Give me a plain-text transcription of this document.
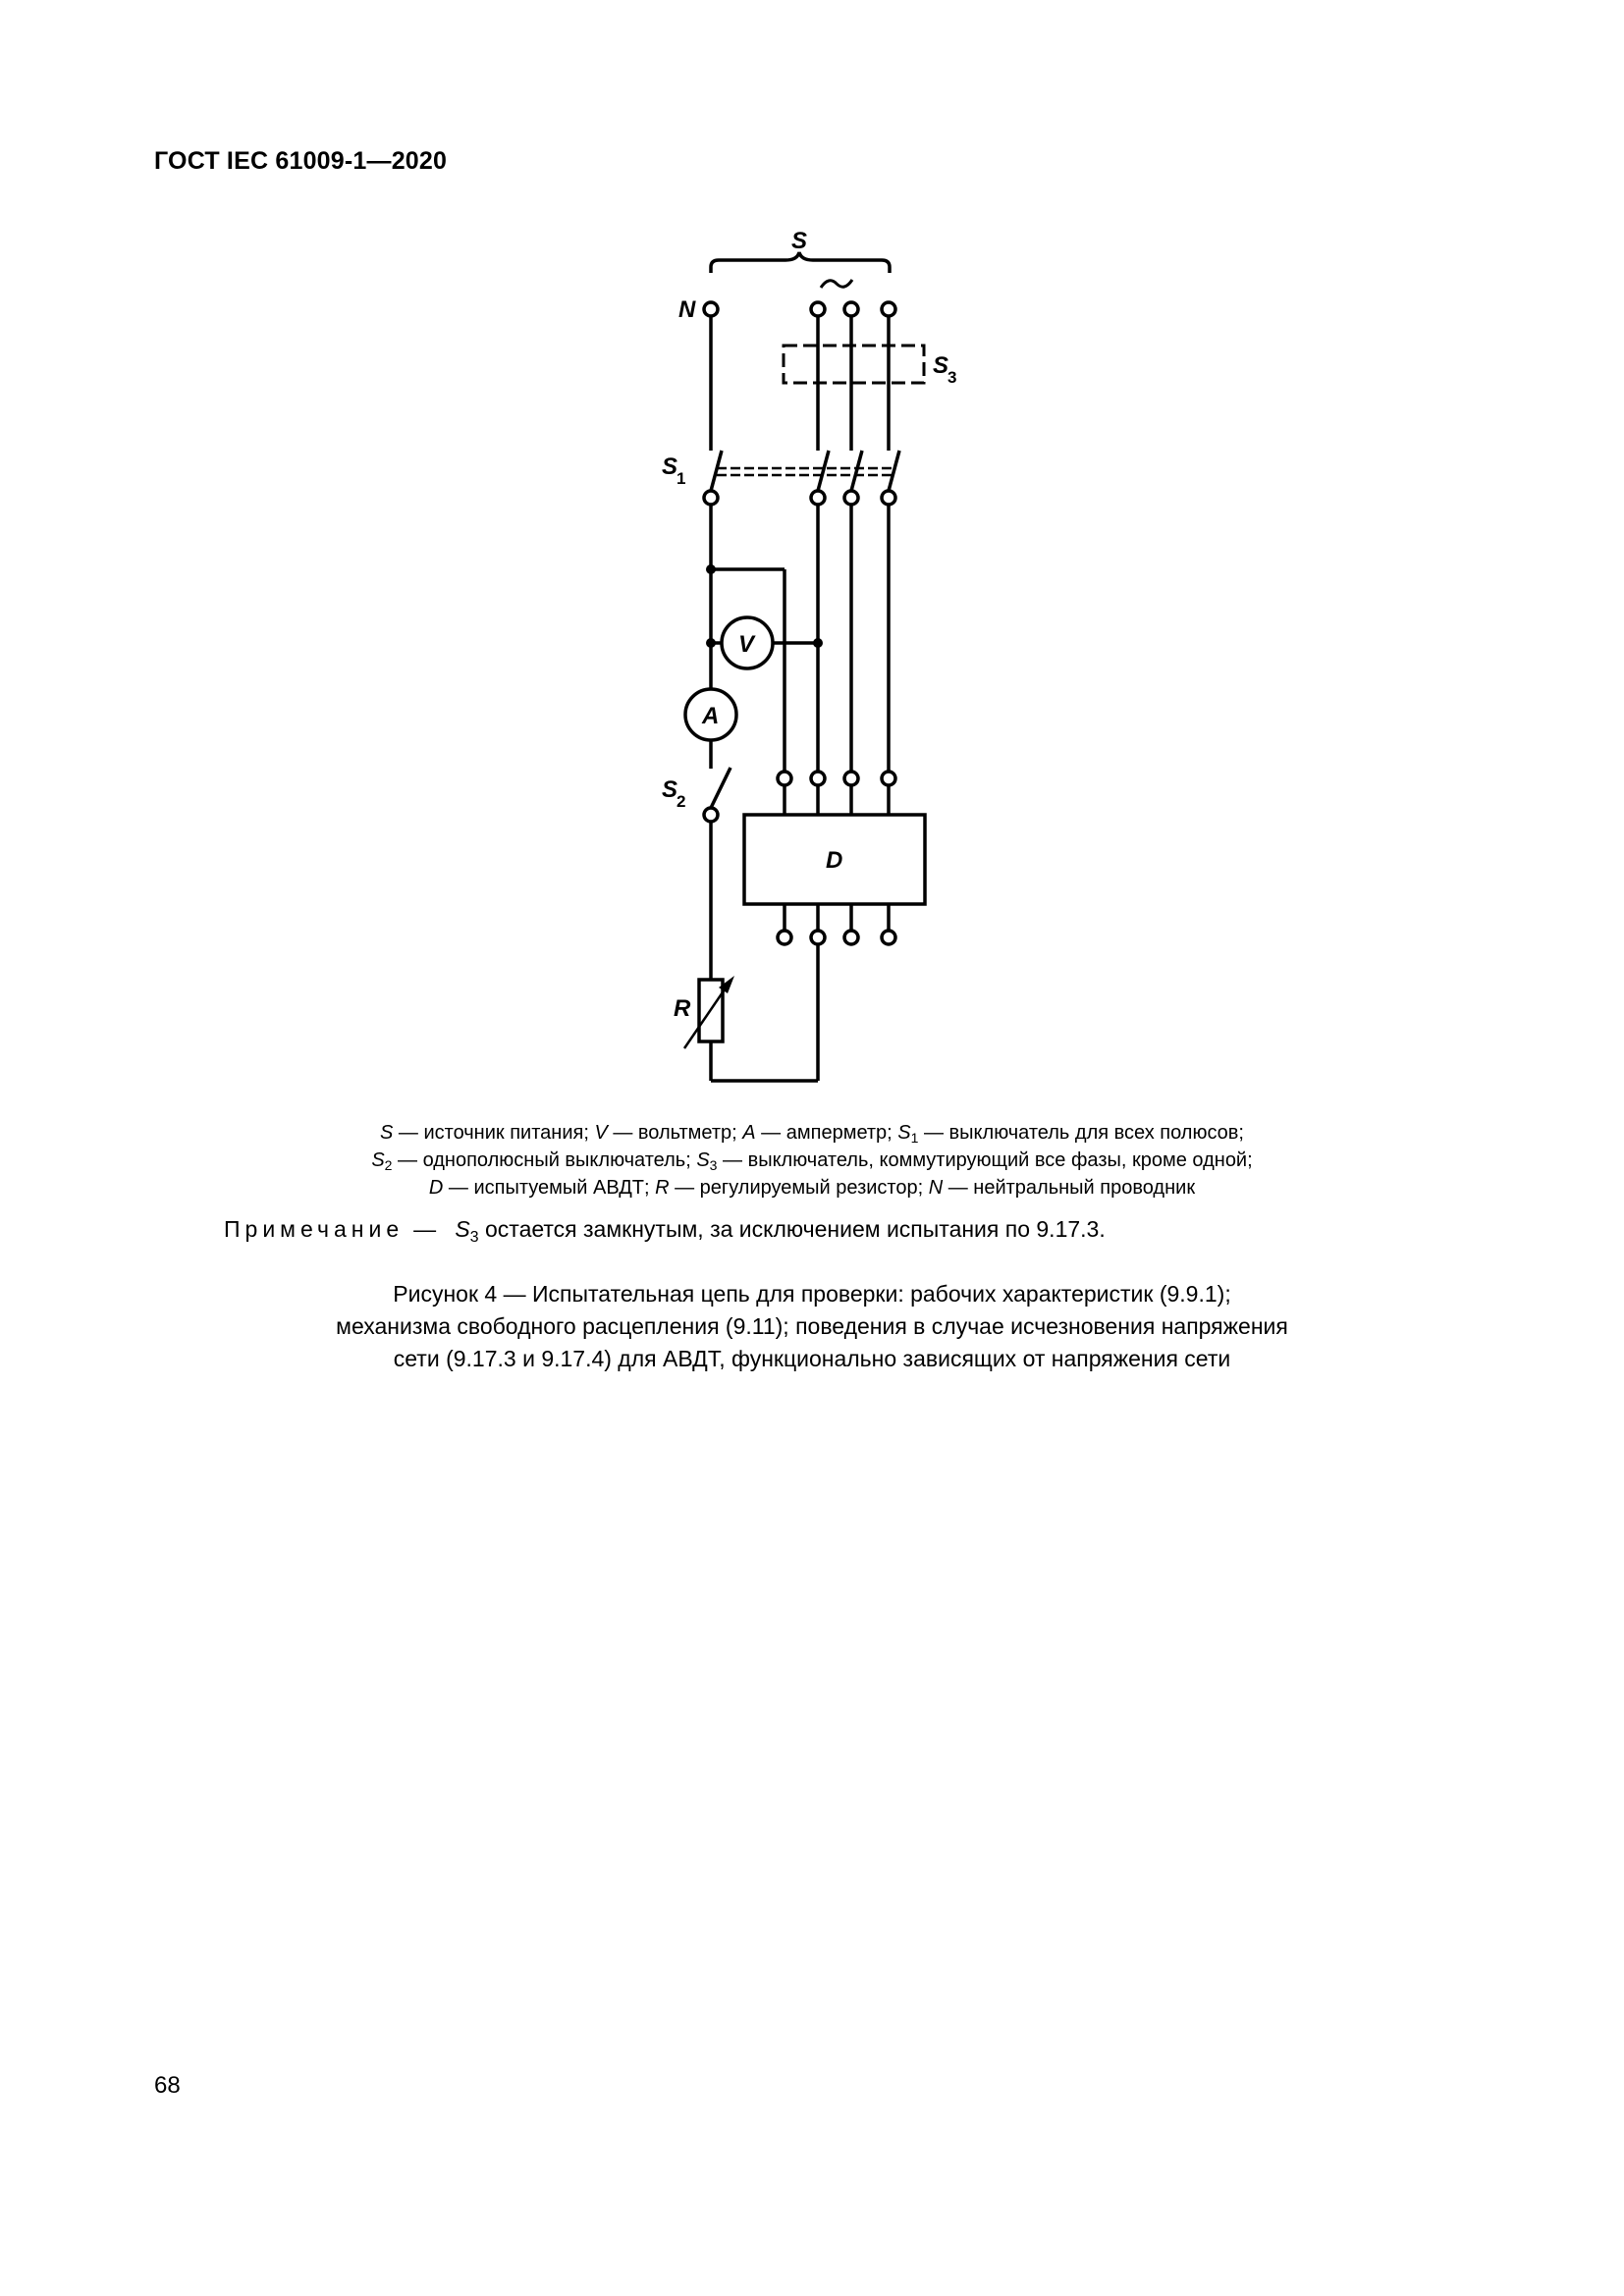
ГОСТ IEC 61009-1—2020
S
N
S
3
S
1
V
A
S
2
D
R
S — источник питания; V — вольтметр; A — амперметр; $S_1$ — выключатель для всех полюсов;
$S_2$ — однополюсный выключатель; $S_3$ — выключатель, коммутирующий все фазы, кроме одной;
D — испытуемый АВДТ; R — регулируемый резистор; N — нейтральный проводник
Примечание — $S_3$ остается замкнутым, за исключением испытания по 9.17.3.
Рисунок 4 — Испытательная цепь для проверки: рабочих характеристик (9.9.1);
механизма свободного расцепления (9.11); поведения в случае исчезновения напряжения
сети (9.17.3 и 9.17.4) для АВДТ, функционально зависящих от напряжения сети
68
